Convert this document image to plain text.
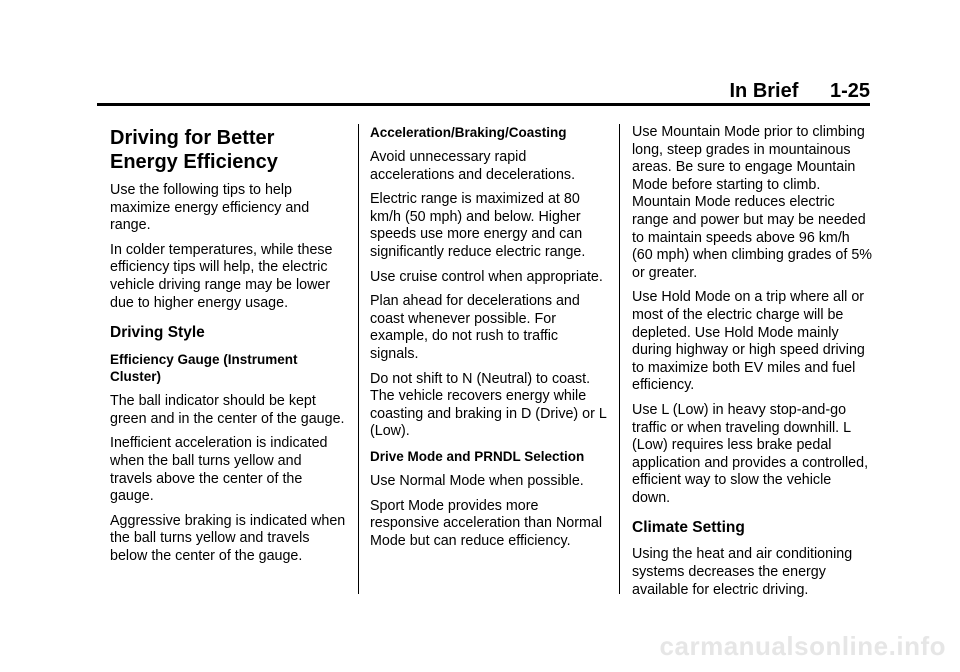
In Brief 1-25
Driving for Better Energy Efficiency

Use the following tips to help maximize energy efficiency and range.

In colder temperatures, while these efficiency tips will help, the electric vehicle driving range may be lower due to higher energy usage.

Driving Style
Efficiency Gauge (Instrument Cluster)

The ball indicator should be kept green and in the center of the gauge.

Inefficient acceleration is indicated when the ball turns yellow and travels above the center of the gauge.

Aggressive braking is indicated when the ball turns yellow and travels below the center of the gauge.

Acceleration/Braking/Coasting

Avoid unnecessary rapid accelerations and decelerations.

Electric range is maximized at 80 km/h (50 mph) and below. Higher speeds use more energy and can significantly reduce electric range.

Use cruise control when appropriate.

Plan ahead for decelerations and coast whenever possible. For example, do not rush to traffic signals.

Do not shift to N (Neutral) to coast. The vehicle recovers energy while coasting and braking in D (Drive) or L (Low).

Drive Mode and PRNDL Selection

Use Normal Mode when possible.

Sport Mode provides more responsive acceleration than Normal Mode but can reduce efficiency.

Use Mountain Mode prior to climbing long, steep grades in mountainous areas. Be sure to engage Mountain Mode before starting to climb. Mountain Mode reduces electric range and power but may be needed to maintain speeds above 96 km/h (60 mph) when climbing grades of 5% or greater.

Use Hold Mode on a trip where all or most of the electric charge will be depleted. Use Hold Mode mainly during highway or high speed driving to maximize both EV miles and fuel efficiency.

Use L (Low) in heavy stop-and-go traffic or when traveling downhill. L (Low) requires less brake pedal application and provides a controlled, efficient way to slow the vehicle down.

Climate Setting

Using the heat and air conditioning systems decreases the energy available for electric driving.

carmanualsonline.info
